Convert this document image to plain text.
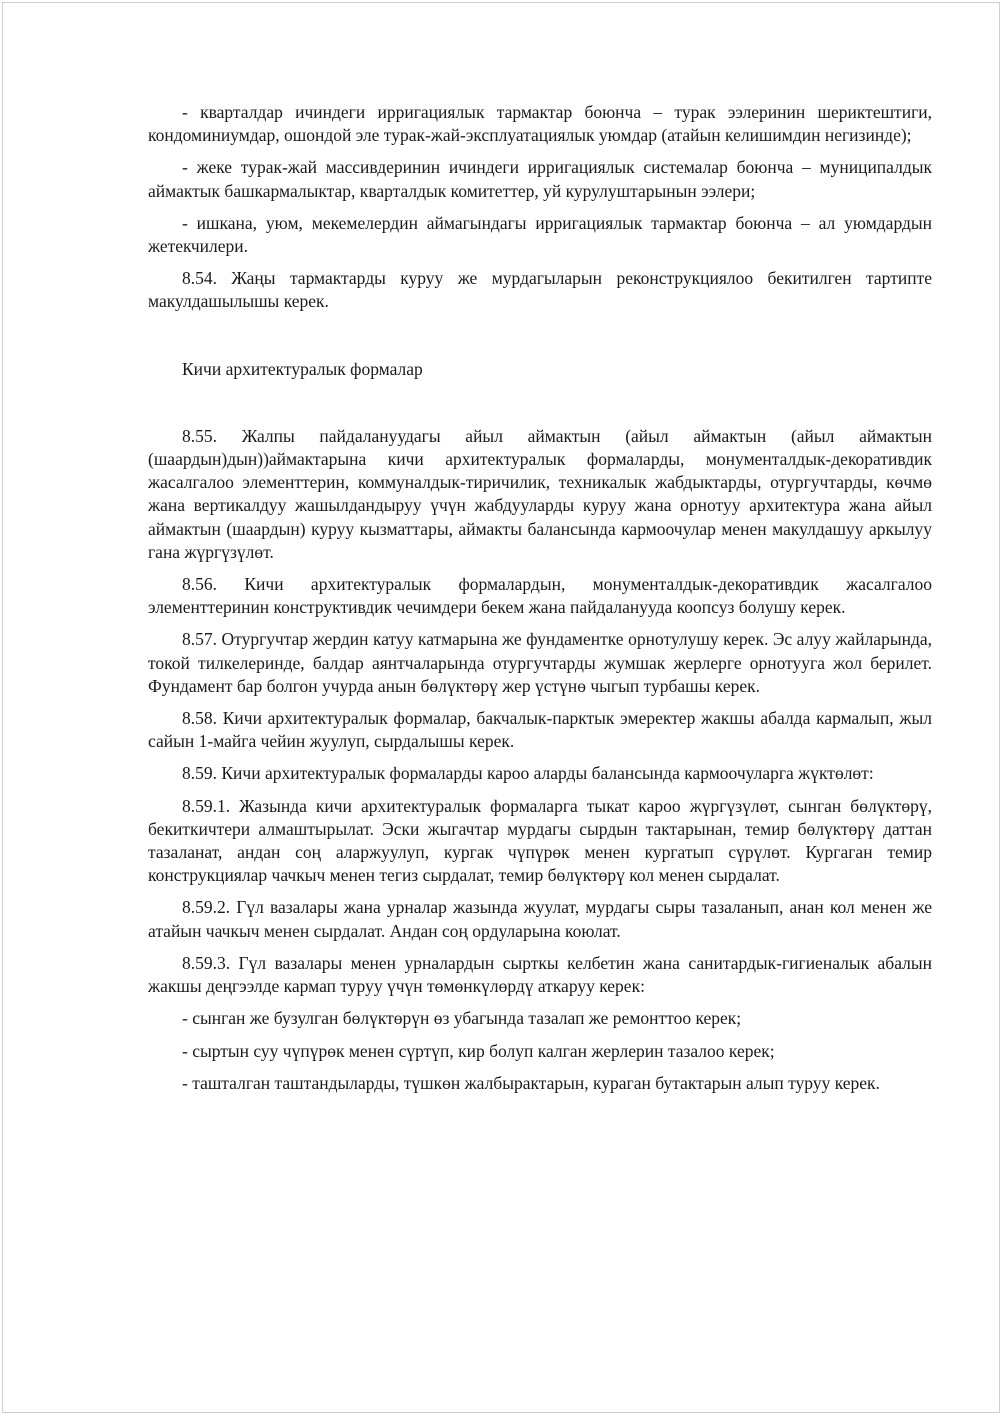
- кварталдар ичиндеги ирригациялык тармактар боюнча – турак ээлеринин шериктештиги, кондоминиумдар, ошондой эле турак-жай-эксплуатациялык уюмдар (атайын келишимдин негизинде);

- жеке турак-жай массивдеринин ичиндеги ирригациялык системалар боюнча – муниципалдык аймактык башкармалыктар, кварталдык комитеттер, уй курулуштарынын ээлери;

- ишкана, уюм, мекемелердин аймагындагы ирригациялык тармактар боюнча – ал уюмдардын жетекчилери.

8.54. Жаңы тармактарды куруу же мурдагыларын реконструкциялоо бекитилген тартипте макулдашылышы керек.

Кичи архитектуралык формалар

8.55. Жалпы пайдалануудагы айыл аймактын (айыл аймактын (айыл аймактын (шаардын)дын))аймактарына кичи архитектуралык формаларды, монументалдык-декоративдик жасалгалоо элементтерин, коммуналдык-тиричилик, техникалык жабдыктарды, отургучтарды, көчмө жана вертикалдуу жашылдандыруу үчүн жабдууларды куруу жана орнотуу архитектура жана айыл аймактын (шаардын) куруу кызматтары, аймакты балансында кармоочулар менен макулдашуу аркылуу гана жүргүзүлөт.

8.56. Кичи архитектуралык формалардын, монументалдык-декоративдик жасалгалоо элементтеринин конструктивдик чечимдери бекем жана пайдаланууда коопсуз болушу керек.

8.57. Отургучтар жердин катуу катмарына же фундаментке орнотулушу керек. Эс алуу жайларында, токой тилкелеринде, балдар аянтчаларында отургучтарды жумшак жерлерге орнотууга жол берилет. Фундамент бар болгон учурда анын бөлүктөрү жер үстүнө чыгып турбашы керек.

8.58. Кичи архитектуралык формалар, бакчалык-парктык эмеректер жакшы абалда кармалып, жыл сайын 1-майга чейин жуулуп, сырдалышы керек.

8.59. Кичи архитектуралык формаларды кароо аларды балансында кармоочуларга жүктөлөт:

8.59.1. Жазында кичи архитектуралык формаларга тыкат кароо жүргүзүлөт, сынган бөлүктөрү, бекиткичтери алмаштырылат. Эски жыгачтар мурдагы сырдын тактарынан, темир бөлүктөрү даттан тазаланат, андан соң аларжуулуп, кургак чүпүрөк менен кургатып сүрүлөт. Кургаган темир конструкциялар чачкыч менен тегиз сырдалат, темир бөлүктөрү кол менен сырдалат.

8.59.2. Гүл вазалары жана урналар жазында жуулат, мурдагы сыры тазаланып, анан кол менен же атайын чачкыч менен сырдалат. Андан соң ордуларына коюлат.

8.59.3. Гүл вазалары менен урналардын сырткы келбетин жана санитардык-гигиеналык абалын жакшы деңгээлде кармап туруу үчүн төмөнкүлөрдү аткаруу керек:

- сынган же бузулган бөлүктөрүн өз убагында тазалап же ремонттоо керек;

- сыртын суу чүпүрөк менен сүртүп, кир болуп калган жерлерин тазалоо керек;

- ташталган таштандыларды, түшкөн жалбырактарын, кураган бутактарын алып туруу керек.
